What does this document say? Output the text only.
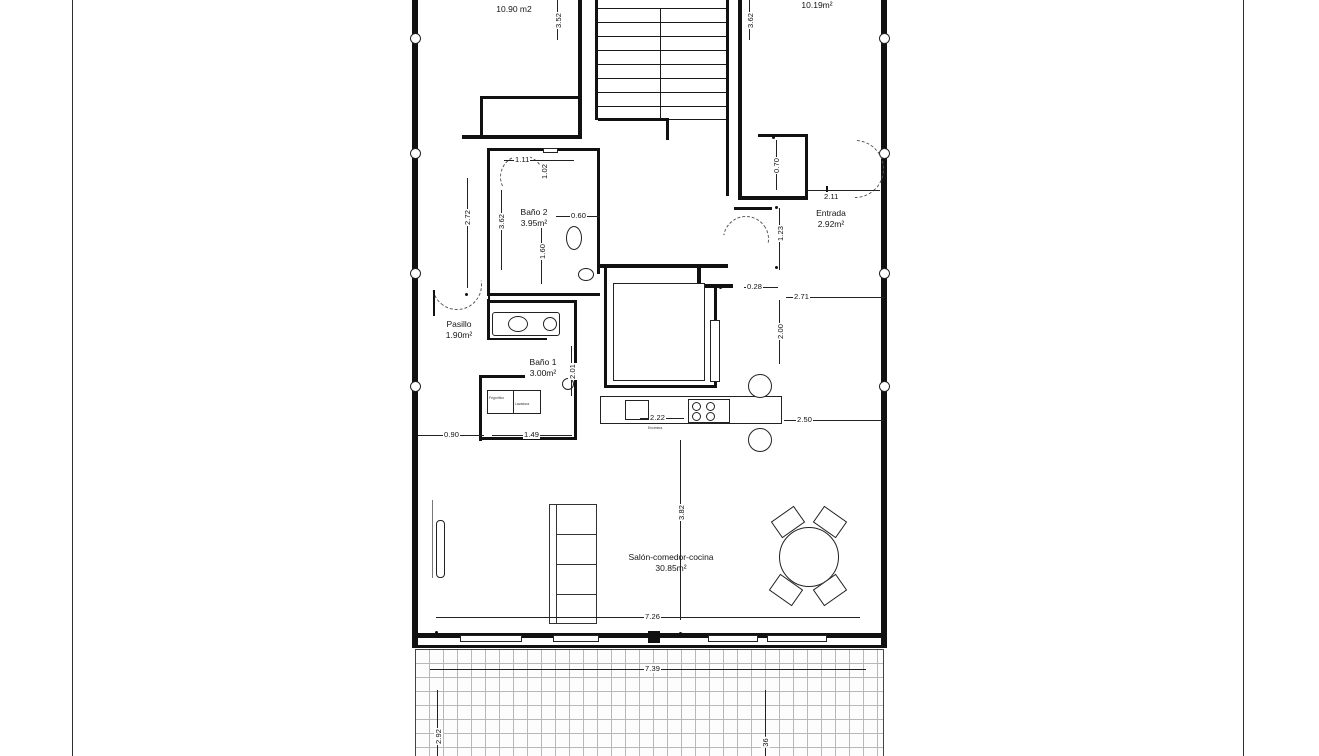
Frigorífico
Lavadora
Encimera
10.90 m2	10.19m²
Baño 2
3.95m²
Baño 1
3.00m²
Pasillo
1.90m²
Entrada
2.92m²
Salón-comedor-cocina
30.85m²
3.52	3.62
1.11
1.02	0.70
2.11
2.72	3.62	0.60
1.60
1.23
0.28
2.71
2.00
2.01
2.22	2.50
0.90	1.49
3.82
7.26
7.39
2.92	36
